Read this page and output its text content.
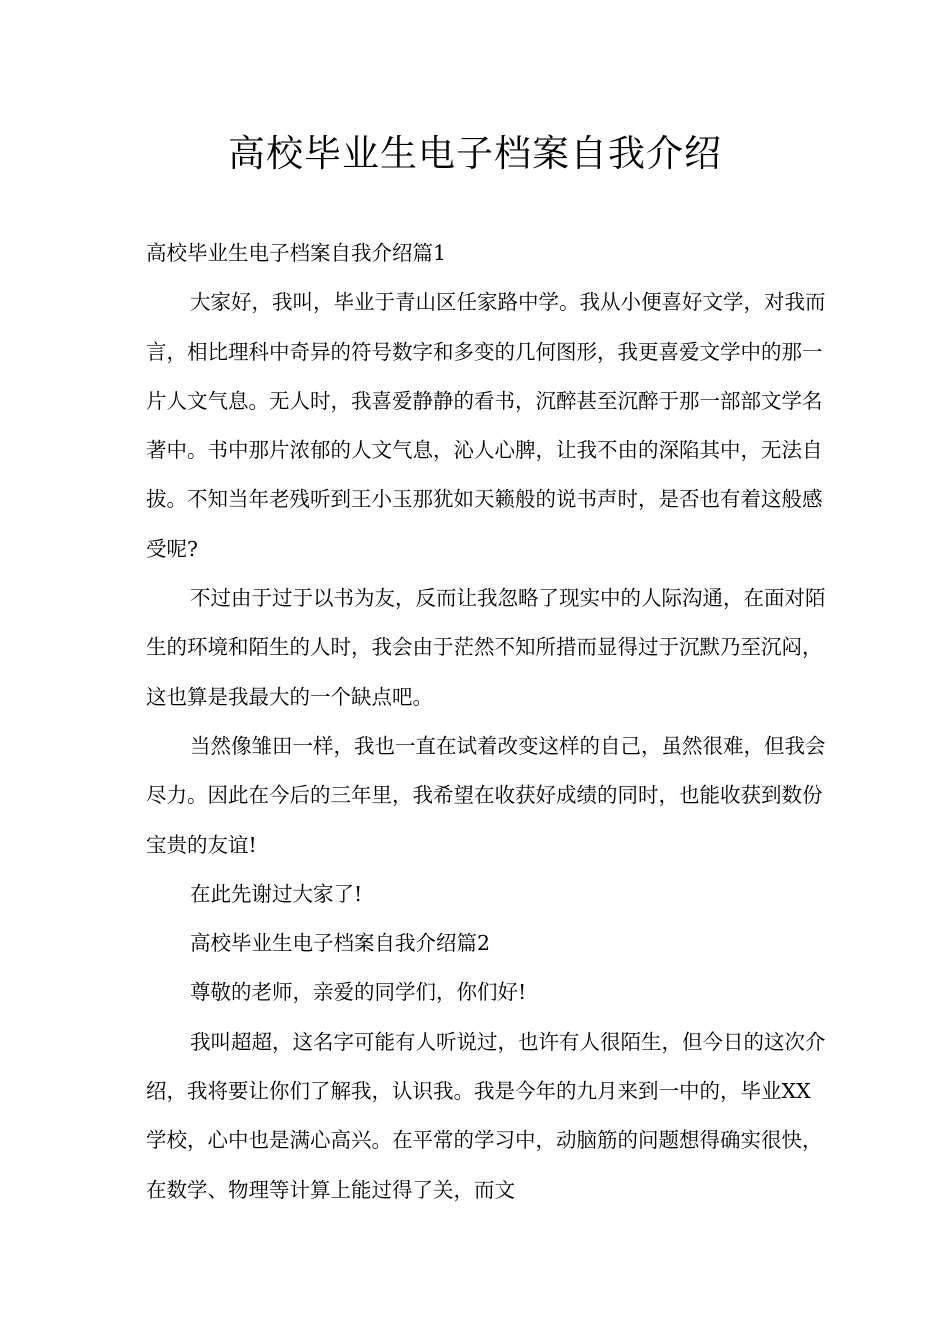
高校毕业生电子档案自我介绍

高校毕业生电子档案自我介绍篇1

大家好，我叫，毕业于青山区任家路中学。我从小便喜好文学，对我而言，相比理科中奇异的符号数字和多变的几何图形，我更喜爱文学中的那一片人文气息。无人时，我喜爱静静的看书，沉醉甚至沉醉于那一部部文学名著中。书中那片浓郁的人文气息，沁人心脾，让我不由的深陷其中，无法自拔。不知当年老残听到王小玉那犹如天籁般的说书声时，是否也有着这般感受呢?

不过由于过于以书为友，反而让我忽略了现实中的人际沟通，在面对陌生的环境和陌生的人时，我会由于茫然不知所措而显得过于沉默乃至沉闷，这也算是我最大的一个缺点吧。

当然像雏田一样，我也一直在试着改变这样的自己，虽然很难，但我会尽力。因此在今后的三年里，我希望在收获好成绩的同时，也能收获到数份宝贵的友谊!

在此先谢过大家了!

高校毕业生电子档案自我介绍篇2

尊敬的老师，亲爱的同学们，你们好!

我叫超超，这名字可能有人听说过，也许有人很陌生，但今日的这次介绍，我将要让你们了解我，认识我。我是今年的九月来到一中的，毕业XX学校，心中也是满心高兴。在平常的学习中，动脑筋的问题想得确实很快，在数学、物理等计算上能过得了关，而文
